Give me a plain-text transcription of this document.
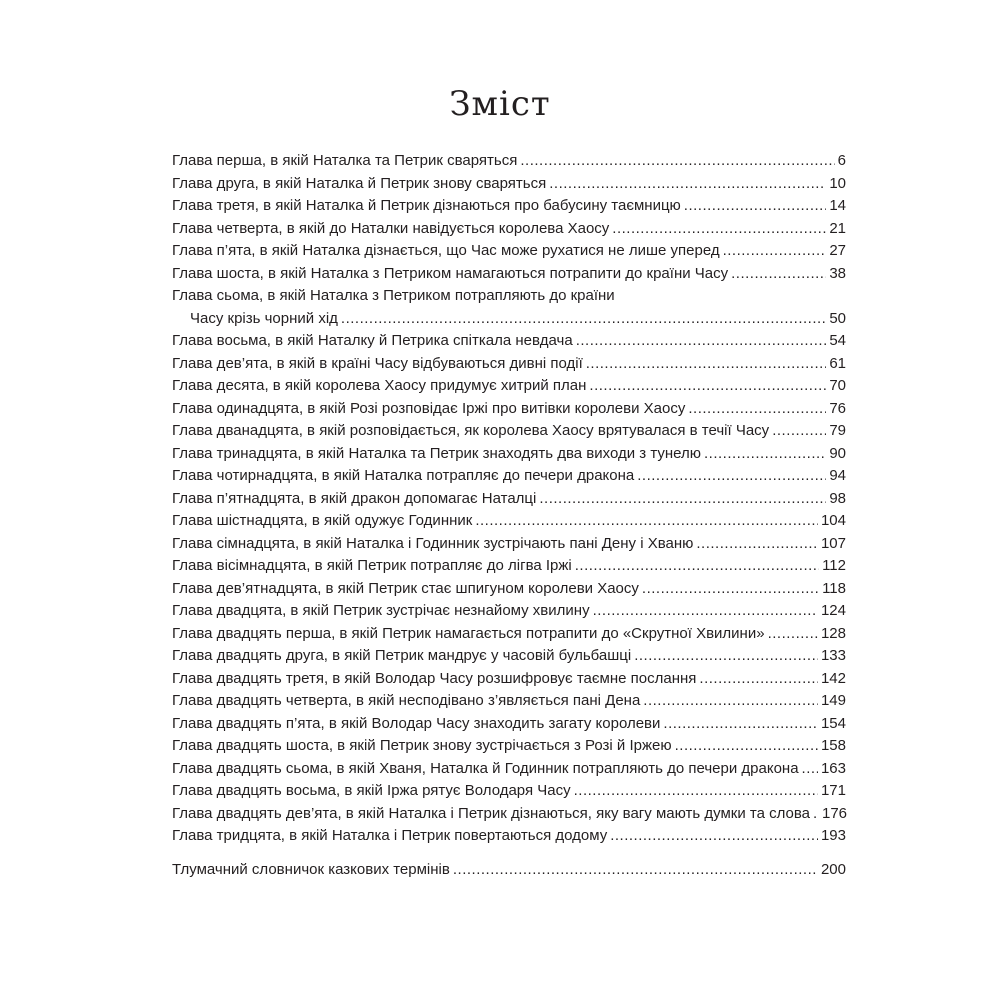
Зміст
Глава перша, в якій Наталка та Петрик сваряться .....	6
Глава друга, в якій Наталка й Петрик знову сваряться .....	10
Глава третя, в якій Наталка й Петрик дізнаються про бабусину таємницю .....	14
Глава четверта, в якій до Наталки навідується королева Хаосу .....	21
Глава п’ята, в якій Наталка дізнається, що Час може рухатися не лише уперед .....	27
Глава шоста, в якій Наталка з Петриком намагаються потрапити до країни Часу .....	38
Глава сьома, в якій Наталка з Петриком потрапляють до країни
Часу крізь чорний хід .....	50
Глава восьма, в якій Наталку й Петрика спіткала невдача .....	54
Глава дев’ята, в якій в країні Часу відбуваються дивні події .....	61
Глава десята, в якій королева Хаосу придумує хитрий план .....	70
Глава одинадцята, в якій Розі розповідає Іржі про витівки королеви Хаосу .....	76
Глава дванадцята, в якій розповідається, як королева Хаосу врятувалася в течії Часу .....	79
Глава тринадцята, в якій Наталка та Петрик знаходять два виходи з тунелю .....	90
Глава чотирнадцята, в якій Наталка потрапляє до печери дракона .....	94
Глава п’ятнадцята, в якій дракон допомагає Наталці .....	98
Глава шістнадцята, в якій одужує Годинник .....	104
Глава сімнадцята, в якій Наталка і Годинник зустрічають пані Дену і Хваню .....	107
Глава вісімнадцята, в якій Петрик потрапляє до лігва Іржі .....	112
Глава дев’ятнадцята, в якій Петрик стає шпигуном королеви Хаосу .....	118
Глава двадцята, в якій Петрик зустрічає незнайому хвилину .....	124
Глава двадцять перша, в якій Петрик намагається потрапити до «Скрутної Хвилини» .....	128
Глава двадцять друга, в якій Петрик мандрує у часовій бульбашці .....	133
Глава двадцять третя, в якій Володар Часу розшифровує таємне послання .....	142
Глава двадцять четверта, в якій несподівано з’являється пані Дена .....	149
Глава двадцять п’ята, в якій Володар Часу знаходить загату королеви .....	154
Глава двадцять шоста, в якій Петрик знову зустрічається з Розі й Іржею .....	158
Глава двадцять сьома, в якій Хваня, Наталка й Годинник потрапляють до печери дракона ..... 163
Глава двадцять восьма, в якій Іржа рятує Володаря Часу .....	171
Глава двадцять дев’ята, в якій Наталка і Петрик дізнаються, яку вагу мають думки та слова ..... 176
Глава тридцята, в якій Наталка і Петрик повертаються додому .....	193
Тлумачний словничок казкових термінів .....	200
